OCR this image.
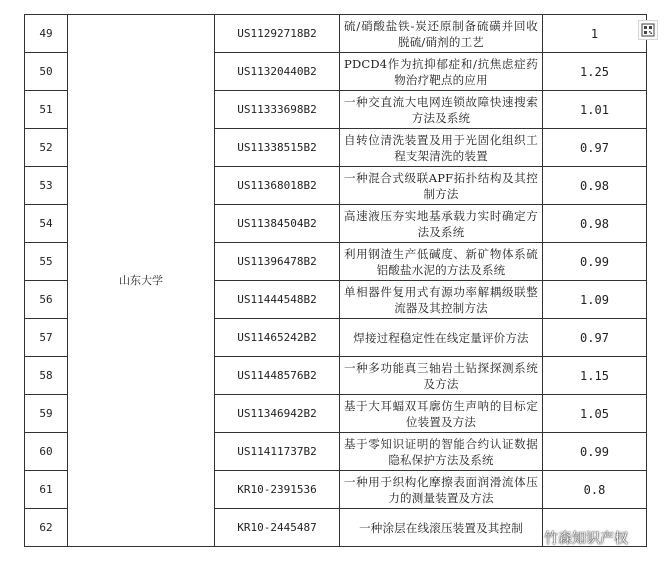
49	山东大学	US11292718B2	硫/硝酸盐铁-炭还原制备硫磺并回收脱硫/硝剂的工艺	1
50		US11320440B2	PDCD4作为抗抑郁症和/抗焦虑症药物治疗靶点的应用	1.25
51		US11333698B2	一种交直流大电网连锁故障快速搜索方法及系统	1.01
52		US11338515B2	自转位清洗装置及用于光固化组织工程支架清洗的装置	0.97
53		US11368018B2	一种混合式级联APF拓扑结构及其控制方法	0.98
54		US11384504B2	高速液压夯实地基承载力实时确定方法及系统	0.98
55		US11396478B2	利用钢渣生产低碱度、新矿物体系硫铝酸盐水泥的方法及系统	0.99
56		US11444548B2	单相器件复用式有源功率解耦级联整流器及其控制方法	1.09
57		US11465242B2	焊接过程稳定性在线定量评价方法	0.97
58		US11448576B2	一种多功能真三轴岩土钻探探测系统及方法	1.15
59		US11346942B2	基于大耳蝠双耳廓仿生声呐的目标定位装置及方法	1.05
60		US11411737B2	基于零知识证明的智能合约认证数据隐私保护方法及系统	0.99
61		KR10-2391536	一种用于织构化摩擦表面润滑流体压力的测量装置及方法	0.8
62		KR10-2445487	一种涂层在线滚压装置及其控制	

竹森知识产权
